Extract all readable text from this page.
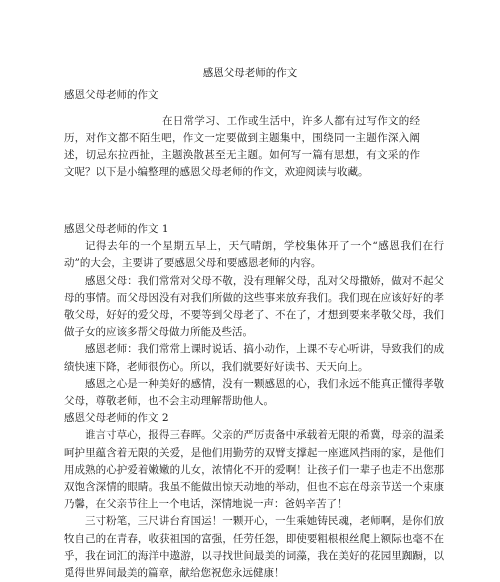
感恩父母老师的作文
感恩父母老师的作文

在日常学习、工作或生活中，许多人都有过写作文的经历，对作文都不陌生吧，作文一定要做到主题集中，围绕同一主题作深入阐述，切忌东拉西扯，主题涣散甚至无主题。如何写一篇有思想，有文采的作文呢？以下是小编整理的感恩父母老师的作文，欢迎阅读与收藏。

感恩父母老师的作文 1

记得去年的一个星期五早上，天气晴朗，学校集体开了一个“感恩我们在行动”的大会，主要讲了要感恩父母和要感恩老师的内容。

感恩父母：我们常常对父母不敬，没有理解父母，乱对父母撒娇，做对不起父母的事情。而父母因没有对我们所做的这些事来放弃我们。我们现在应该好好的孝敬父母，好好的爱父母，不要等到父母老了、不在了，才想到要来孝敬父母，我们做子女的应该多帮父母做力所能及些活。

感恩老师：我们常常上课时说话、搞小动作，上课不专心听讲，导致我们的成绩快速下降，老师很伤心。所以，我们就要好好读书、天天向上。

感恩之心是一种美好的感情，没有一颗感恩的心，我们永远不能真正懂得孝敬父母，尊敬老师，也不会主动理解帮助他人。

感恩父母老师的作文 2

谁言寸草心，报得三春晖。父亲的严厉责备中承载着无限的希冀，母亲的温柔呵护里蕴含着无限的关爱，是他们用勤劳的双臂支撑起一座遮风挡雨的家，是他们用成熟的心护爱着嫩嫩的儿女，浓情化不开的爱啊！让孩子们一辈子也走不出您那双饱含深情的眼睛。我虽不能做出惊天动地的举动，但也不忘在母亲节送一个束康乃馨，在父亲节往上一个电话，深情地说一声：爸妈辛苦了！

三寸粉笔，三尺讲台育国运！一颗开心，一生乘她铸民魂，老师啊，是你们放牧自己的在青春，收获祖国的富强，任劳任怨，即使要粗根根丝爬上额际也毫不在乎，我在词汇的海洋中遨游，以寻找世间最美的词藻，我在美好的花园里踟蹰，以觅得世界间最美的篇章，献给您祝您永远健康！
